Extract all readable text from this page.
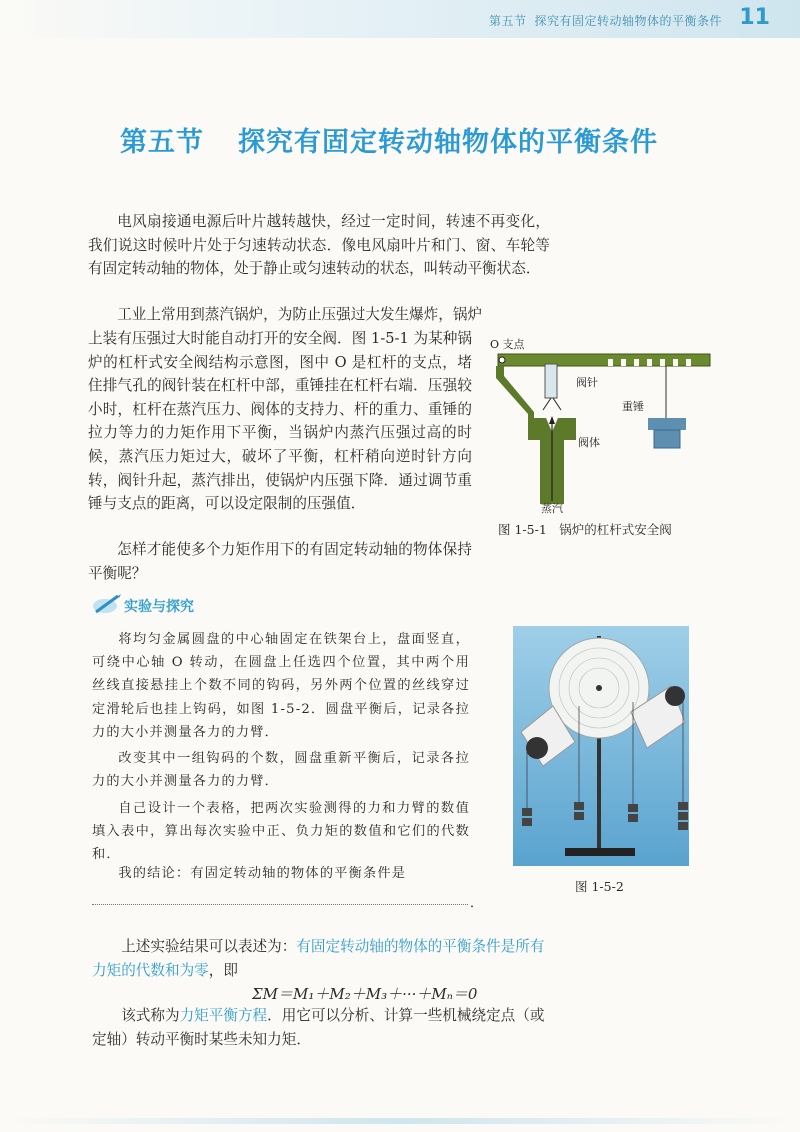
第五节 探究有固定转动轴物体的平衡条件 11
第五节 探究有固定转动轴物体的平衡条件

电风扇接通电源后叶片越转越快，经过一定时间，转速不再变化，我们说这时候叶片处于匀速转动状态．像电风扇叶片和门、窗、车轮等有固定转动轴的物体，处于静止或匀速转动的状态，叫转动平衡状态．

工业上常用到蒸汽锅炉，为防止压强过大发生爆炸，锅炉

上装有压强过大时能自动打开的安全阀．图 1-5-1 为某种锅炉的杠杆式安全阀结构示意图，图中 O 是杠杆的支点，堵住排气孔的阀针装在杠杆中部，重锤挂在杠杆右端．压强较小时，杠杆在蒸汽压力、阀体的支持力、杆的重力、重锤的拉力等力的力矩作用下平衡，当锅炉内蒸汽压强过高的时候，蒸汽压力矩过大，破坏了平衡，杠杆稍向逆时针方向转，阀针升起，蒸汽排出，使锅炉内压强下降．通过调节重锤与支点的距离，可以设定限制的压强值．

怎样才能使多个力矩作用下的有固定转动轴的物体保持平衡呢？

O 支点
阀针
重锤
阀体
蒸汽
图 1-5-1　锅炉的杠杆式安全阀
实验与探究

将均匀金属圆盘的中心轴固定在铁架台上，盘面竖直，可绕中心轴 O 转动，在圆盘上任选四个位置，其中两个用丝线直接悬挂上个数不同的钩码，另外两个位置的丝线穿过定滑轮后也挂上钩码，如图 1-5-2．圆盘平衡后，记录各拉力的大小并测量各力的力臂．

改变其中一组钩码的个数，圆盘重新平衡后，记录各拉力的大小并测量各力的力臂．

自己设计一个表格，把两次实验测得的力和力臂的数值填入表中，算出每次实验中正、负力矩的数值和它们的代数和．

我的结论：有固定转动轴的物体的平衡条件是

．
图 1-5-2

上述实验结果可以表述为：有固定转动轴的物体的平衡条件是所有力矩的代数和为零，即

ΣM＝M₁＋M₂＋M₃＋···＋Mₙ＝0

该式称为力矩平衡方程．用它可以分析、计算一些机械绕定点（或定轴）转动平衡时某些未知力矩．
